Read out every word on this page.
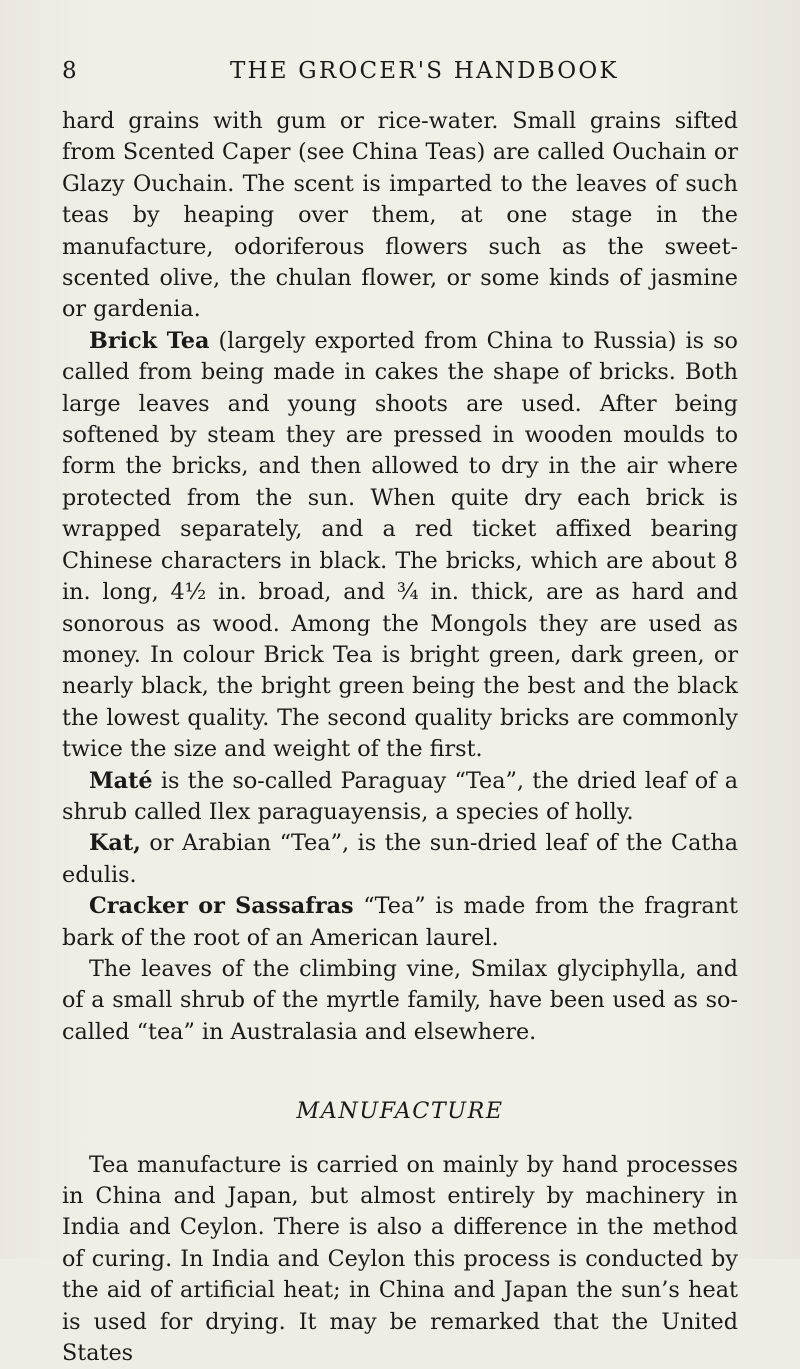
8	THE GROCER'S HANDBOOK

hard grains with gum or rice-water. Small grains sifted from Scented Caper (see China Teas) are called Ouchain or Glazy Ouchain. The scent is imparted to the leaves of such teas by heaping over them, at one stage in the manufacture, odoriferous flowers such as the sweet-scented olive, the chulan flower, or some kinds of jasmine or gardenia.

Brick Tea (largely exported from China to Russia) is so called from being made in cakes the shape of bricks. Both large leaves and young shoots are used. After being softened by steam they are pressed in wooden moulds to form the bricks, and then allowed to dry in the air where protected from the sun. When quite dry each brick is wrapped separately, and a red ticket affixed bearing Chinese characters in black. The bricks, which are about 8 in. long, 4½ in. broad, and ¾ in. thick, are as hard and sonorous as wood. Among the Mongols they are used as money. In colour Brick Tea is bright green, dark green, or nearly black, the bright green being the best and the black the lowest quality. The second quality bricks are commonly twice the size and weight of the first.

Maté is the so-called Paraguay “Tea”, the dried leaf of a shrub called Ilex paraguayensis, a species of holly.

Kat, or Arabian “Tea”, is the sun-dried leaf of the Catha edulis.

Cracker or Sassafras “Tea” is made from the fragrant bark of the root of an American laurel.

The leaves of the climbing vine, Smilax glyciphylla, and of a small shrub of the myrtle family, have been used as so-called “tea” in Australasia and elsewhere.

MANUFACTURE

Tea manufacture is carried on mainly by hand processes in China and Japan, but almost entirely by machinery in India and Ceylon. There is also a difference in the method of curing. In India and Ceylon this process is conducted by the aid of artificial heat; in China and Japan the sun’s heat is used for drying. It may be remarked that the United States
